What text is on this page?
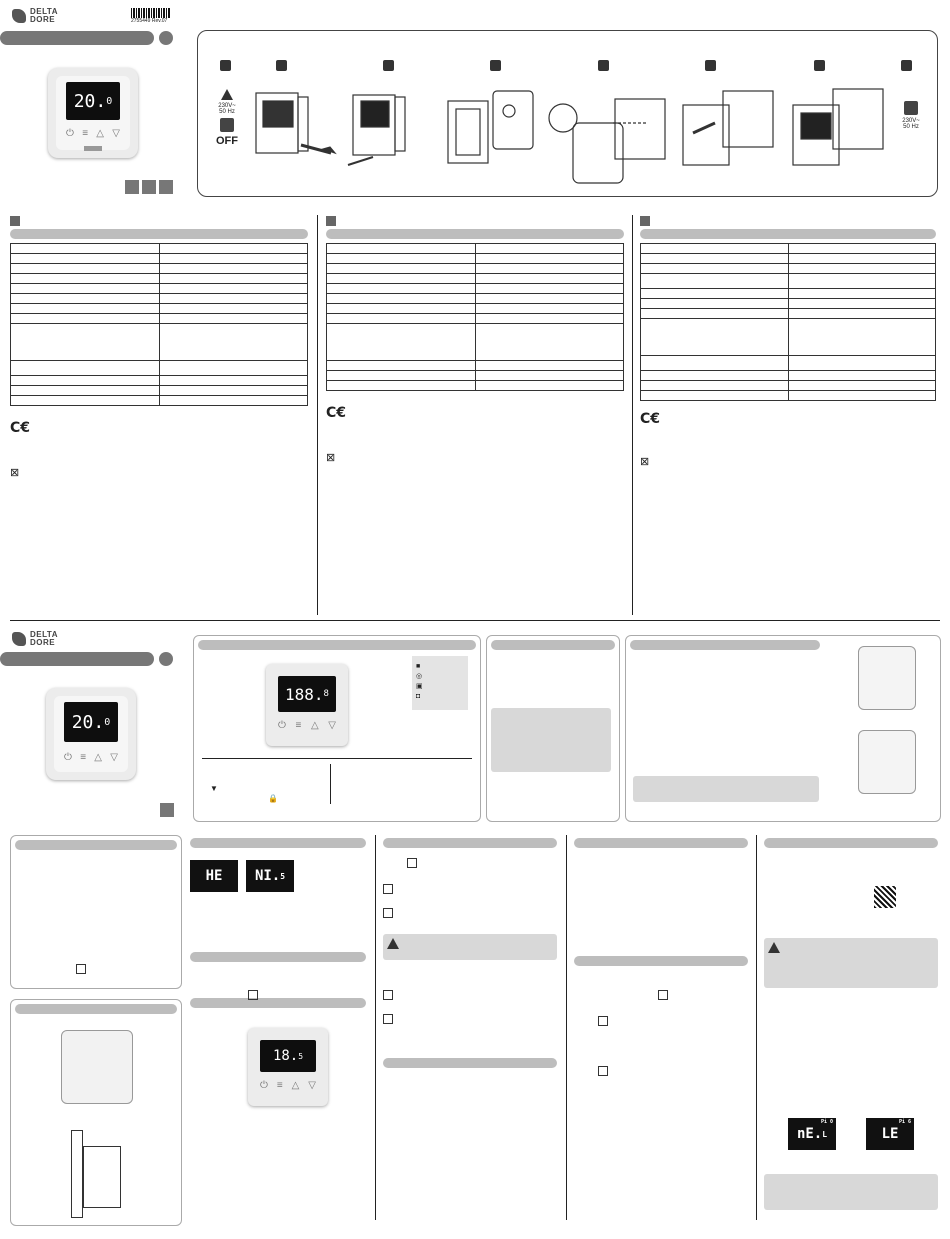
DELTA
DORE	2755449 Rev.07
20. 0
⏻ ≡ △ ▽
230V~
50 Hz
OFF
230V~
50 Hz

C€
⊠

C€
⊠

C€
⊠
DELTA
DORE
20. 0
⏻ ≡ △ ▽
188. 8
⏻ ≡ △ ▽
■
◎
▣
◘
▼
🔒
HE	NI. 5
18. 5
⏻ ≡ △ ▽
Pi 0
nE. L
Pi 6
LE
